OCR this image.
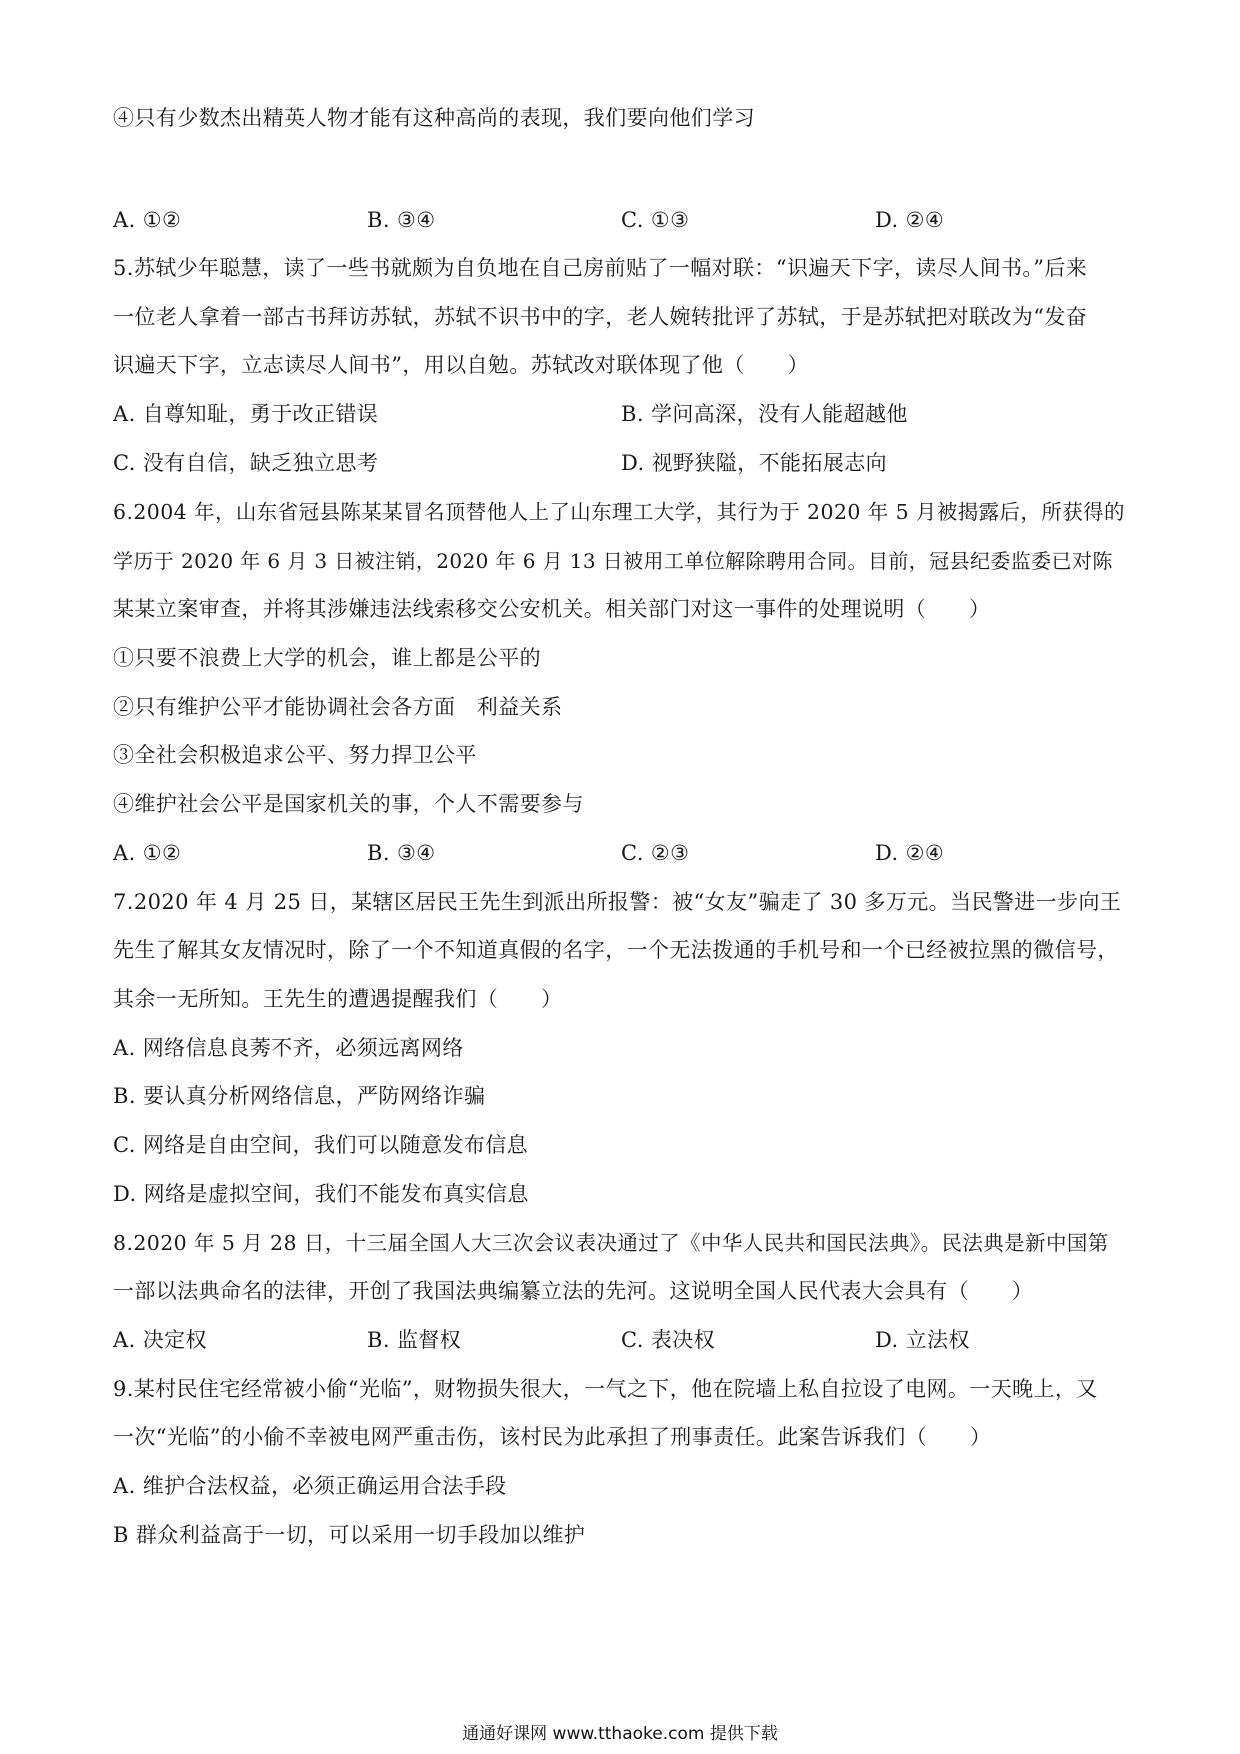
④只有少数杰出精英人物才能有这种高尚的表现，我们要向他们学习
A. ①②	B. ③④	C. ①③	D. ②④
5.苏轼少年聪慧，读了一些书就颇为自负地在自己房前贴了一幅对联：“识遍天下字，读尽人间书。”后来
一位老人拿着一部古书拜访苏轼，苏轼不识书中的字，老人婉转批评了苏轼，于是苏轼把对联改为“发奋
识遍天下字，立志读尽人间书”，用以自勉。苏轼改对联体现了他（　　）
A. 自尊知耻，勇于改正错误	B. 学问高深，没有人能超越他
C. 没有自信，缺乏独立思考	D. 视野狭隘，不能拓展志向
6.2004 年，山东省冠县陈某某冒名顶替他人上了山东理工大学，其行为于 2020 年 5 月被揭露后，所获得的
学历于 2020 年 6 月 3 日被注销，2020 年 6 月 13 日被用工单位解除聘用合同。目前，冠县纪委监委已对陈
某某立案审查，并将其涉嫌违法线索移交公安机关。相关部门对这一事件的处理说明（　　）
①只要不浪费上大学的机会，谁上都是公平的
②只有维护公平才能协调社会各方面　利益关系
③全社会积极追求公平、努力捍卫公平
④维护社会公平是国家机关的事，个人不需要参与
A. ①②	B. ③④	C. ②③	D. ②④
7.2020 年 4 月 25 日，某辖区居民王先生到派出所报警：被“女友”骗走了 30 多万元。当民警进一步向王
先生了解其女友情况时，除了一个不知道真假的名字，一个无法拨通的手机号和一个已经被拉黑的微信号，
其余一无所知。王先生的遭遇提醒我们（　　）
A. 网络信息良莠不齐，必须远离网络
B. 要认真分析网络信息，严防网络诈骗
C. 网络是自由空间，我们可以随意发布信息
D. 网络是虚拟空间，我们不能发布真实信息
8.2020 年 5 月 28 日，十三届全国人大三次会议表决通过了《中华人民共和国民法典》。民法典是新中国第
一部以法典命名的法律，开创了我国法典编纂立法的先河。这说明全国人民代表大会具有（　　）
A. 决定权	B. 监督权	C. 表决权	D. 立法权
9.某村民住宅经常被小偷“光临”，财物损失很大，一气之下，他在院墙上私自拉设了电网。一天晚上，又
一次“光临”的小偷不幸被电网严重击伤，该村民为此承担了刑事责任。此案告诉我们（　　）
A. 维护合法权益，必须正确运用合法手段
B 群众利益高于一切，可以采用一切手段加以维护
通通好课网 www.tthaoke.com 提供下载
